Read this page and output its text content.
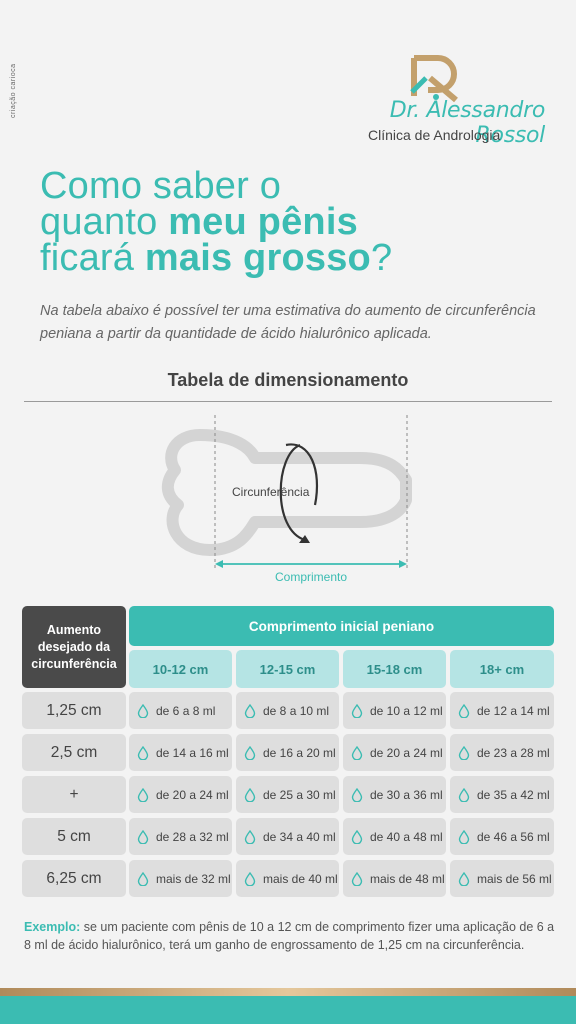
criação carioca	Dr. Alessandro Rossol
Clínica de Andrologia
Como saber o
quanto meu pênis
ficará mais grosso?
Na tabela abaixo é possível ter uma estimativa do aumento de circunferência peniana a partir da quantidade de ácido hialurônico aplicada.
Tabela de dimensionamento
Circunferência
Comprimento
Aumento
desejado da
circunferência
Comprimento inicial peniano
10-12 cm	12-15 cm	15-18 cm	18+ cm
1,25 cm	de 6 a 8 ml	de 8 a 10 ml	de 10 a 12 ml	de 12 a 14 ml
2,5 cm	de 14 a 16 ml	de 16 a 20 ml	de 20 a 24 ml	de 23 a 28 ml
+	de 20 a 24 ml	de 25 a 30 ml	de 30 a 36 ml	de 35 a 42 ml
5 cm	de 28 a 32 ml	de 34 a 40 ml	de 40 a 48 ml	de 46 a 56 ml
6,25 cm	mais de 32 ml	mais de 40 ml	mais de 48 ml	mais de 56 ml
Exemplo: se um paciente com pênis de 10 a 12 cm de comprimento fizer uma aplicação de 6 a 8 ml de ácido hialurônico, terá um ganho de engrossamento de 1,25 cm na circunferência.
